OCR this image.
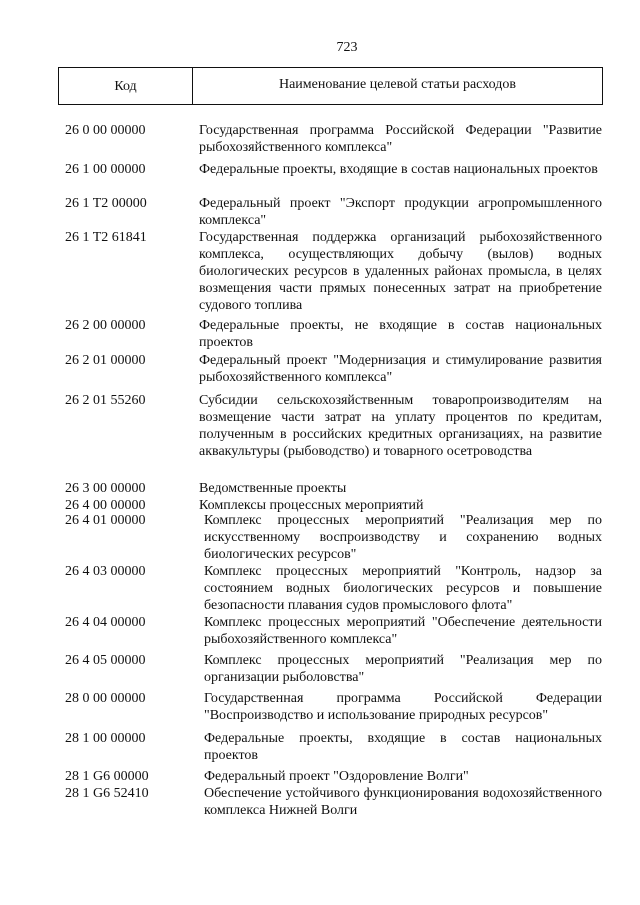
723
Код	Наименование целевой статьи расходов
26 0 00 00000	Государственная программа Российской Федерации "Развитие рыбохозяйственного комплекса"
26 1 00 00000	Федеральные проекты, входящие в состав национальных проектов
26 1 T2 00000	Федеральный проект "Экспорт продукции агропромышленного комплекса"
26 1 T2 61841	Государственная поддержка организаций рыбохозяйственного комплекса, осуществляющих добычу (вылов) водных биологических ресурсов в удаленных районах промысла, в целях возмещения части прямых понесенных затрат на приобретение судового топлива
26 2 00 00000	Федеральные проекты, не входящие в состав национальных проектов
26 2 01 00000	Федеральный проект "Модернизация и стимулирование развития рыбохозяйственного комплекса"
26 2 01 55260	Субсидии сельскохозяйственным товаропроизводителям на возмещение части затрат на уплату процентов по кредитам, полученным в российских кредитных организациях, на развитие аквакультуры (рыбоводство) и товарного осетроводства
26 3 00 00000	Ведомственные проекты
26 4 00 00000	Комплексы процессных мероприятий
26 4 01 00000	Комплекс процессных мероприятий "Реализация мер по искусственному воспроизводству и сохранению водных биологических ресурсов"
26 4 03 00000	Комплекс процессных мероприятий "Контроль, надзор за состоянием водных биологических ресурсов и повышение безопасности плавания судов промыслового флота"
26 4 04 00000	Комплекс процессных мероприятий "Обеспечение деятельности рыбохозяйственного комплекса"
26 4 05 00000	Комплекс процессных мероприятий "Реализация мер по организации рыболовства"
28 0 00 00000	Государственная программа Российской Федерации "Воспроизводство и использование природных ресурсов"
28 1 00 00000	Федеральные проекты, входящие в состав национальных проектов
28 1 G6 00000	Федеральный проект "Оздоровление Волги"
28 1 G6 52410	Обеспечение устойчивого функционирования водохозяйственного комплекса Нижней Волги
